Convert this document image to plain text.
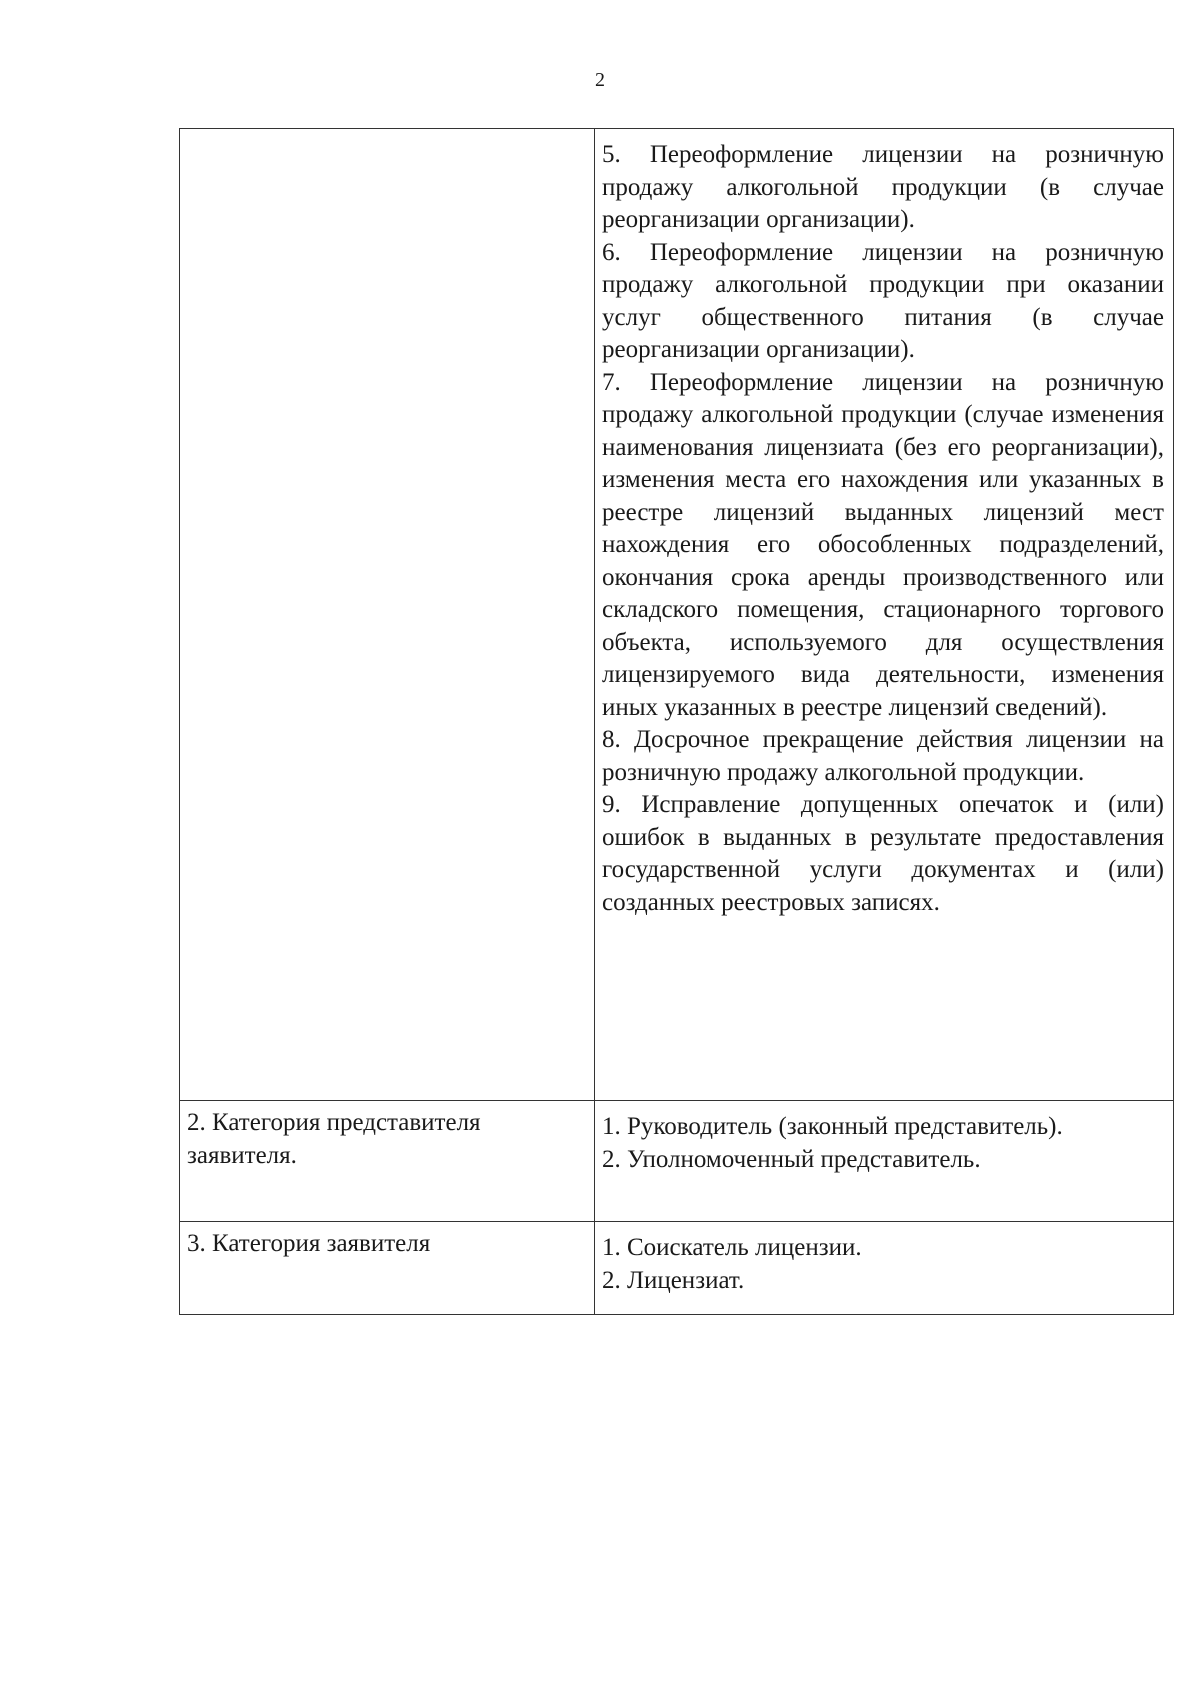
2

	5. Переоформление лицензии на розничную продажу алкогольной продукции (в случае реорганизации организации).

6. Переоформление лицензии на розничную продажу алкогольной продукции при оказании услуг общественного питания (в случае реорганизации организации).

7. Переоформление лицензии на розничную продажу алкогольной продукции (случае изменения наименования лицензиата (без его реорганизации), изменения места его нахождения или указанных в реестре лицензий выданных лицензий мест нахождения его обособленных подразделений, окончания срока аренды производственного или складского помещения, стационарного торгового объекта, используемого для осуществления лицензируемого вида деятельности, изменения иных указанных в реестре лицензий сведений).

8. Досрочное прекращение действия лицензии на розничную продажу алкогольной продукции.

9. Исправление допущенных опечаток и (или) ошибок в выданных в результате предоставления государственной услуги документах и (или) созданных реестровых записях.

2. Категория представителя заявителя.	1. Руководитель (законный представитель).

2. Уполномоченный представитель.

3. Категория заявителя	1. Соискатель лицензии.

2. Лицензиат.
